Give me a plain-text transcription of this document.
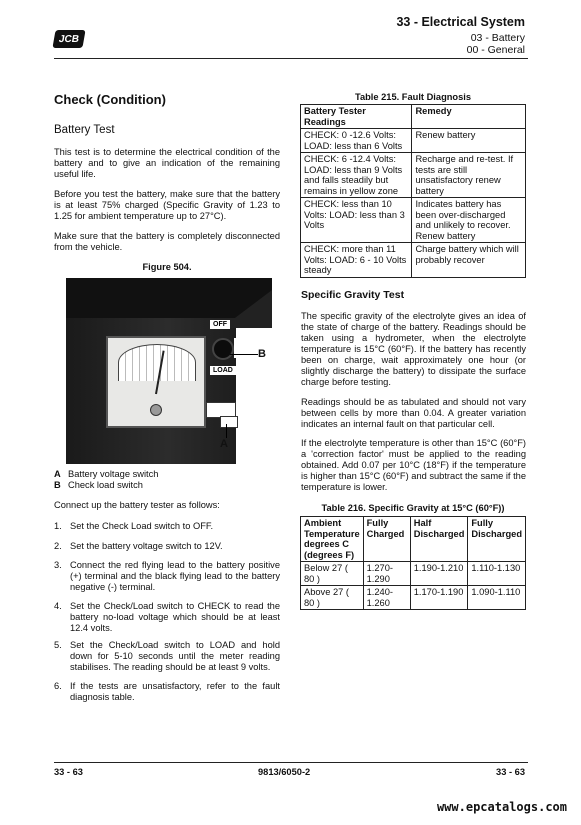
JCB
33 - Electrical System
03 - Battery
00 - General
Check (Condition)
Battery Test
This test is to determine the electrical condition of the battery and to give an indication of the remaining useful life.
Before you test the battery, make sure that the battery is at least 75% charged (Specific Gravity of 1.23 to 1.25 for ambient temperature up to 27°C).
Make sure that the battery is completely disconnected from the vehicle.
Figure 504.
OFF
LOAD
B
A
A Battery voltage switch
B Check load switch
Connect up the battery tester as follows:
1. Set the Check Load switch to OFF.
2. Set the battery voltage switch to 12V.
3. Connect the red flying lead to the battery positive (+) terminal and the black flying lead to the battery negative (-) terminal.
4. Set the Check/Load switch to CHECK to read the battery no-load voltage which should be at least 12.4 volts.
5. Set the Check/Load switch to LOAD and hold down for 5-10 seconds until the meter reading stabilises. The reading should be at least 9 volts.
6. If the tests are unsatisfactory, refer to the fault diagnosis table.
Table 215. Fault Diagnosis
Battery Tester Readings	Remedy
CHECK: 0 -12.6 Volts: LOAD: less than 6 Volts	Renew battery
CHECK: 6 -12.4 Volts: LOAD: less than 9 Volts and falls steadily but remains in yellow zone	Recharge and re-test. If tests are still unsatisfactory renew battery
CHECK: less than 10 Volts: LOAD: less than 3 Volts	Indicates battery has been over-discharged and unlikely to recover. Renew battery
CHECK: more than 11 Volts: LOAD: 6 - 10 Volts steady	Charge battery which will probably recover
Specific Gravity Test
The specific gravity of the electrolyte gives an idea of the state of charge of the battery. Readings should be taken using a hydrometer, when the electrolyte temperature is 15°C (60°F). If the battery has recently been on charge, wait approximately one hour (or slightly discharge the battery) to dissipate the surface charge before testing.
Readings should be as tabulated and should not vary between cells by more than 0.04. A greater variation indicates an internal fault on that particular cell.
If the electrolyte temperature is other than 15°C (60°F) a 'correction factor' must be applied to the reading obtained. Add 0.07 per 10°C (18°F) if the temperature is higher than 15°C (60°F) and subtract the same if the temperature is lower.
Table 216. Specific Gravity at 15°C (60°F))
Ambient Temperature degrees C (degrees F)	Fully Charged	Half Discharged	Fully Discharged
Below 27 ( 80 )	1.270-1.290	1.190-1.210	1.110-1.130
Above 27 ( 80 )	1.240-1.260	1.170-1.190	1.090-1.110
33 - 63	9813/6050-2	33 - 63
www.epcatalogs.com
